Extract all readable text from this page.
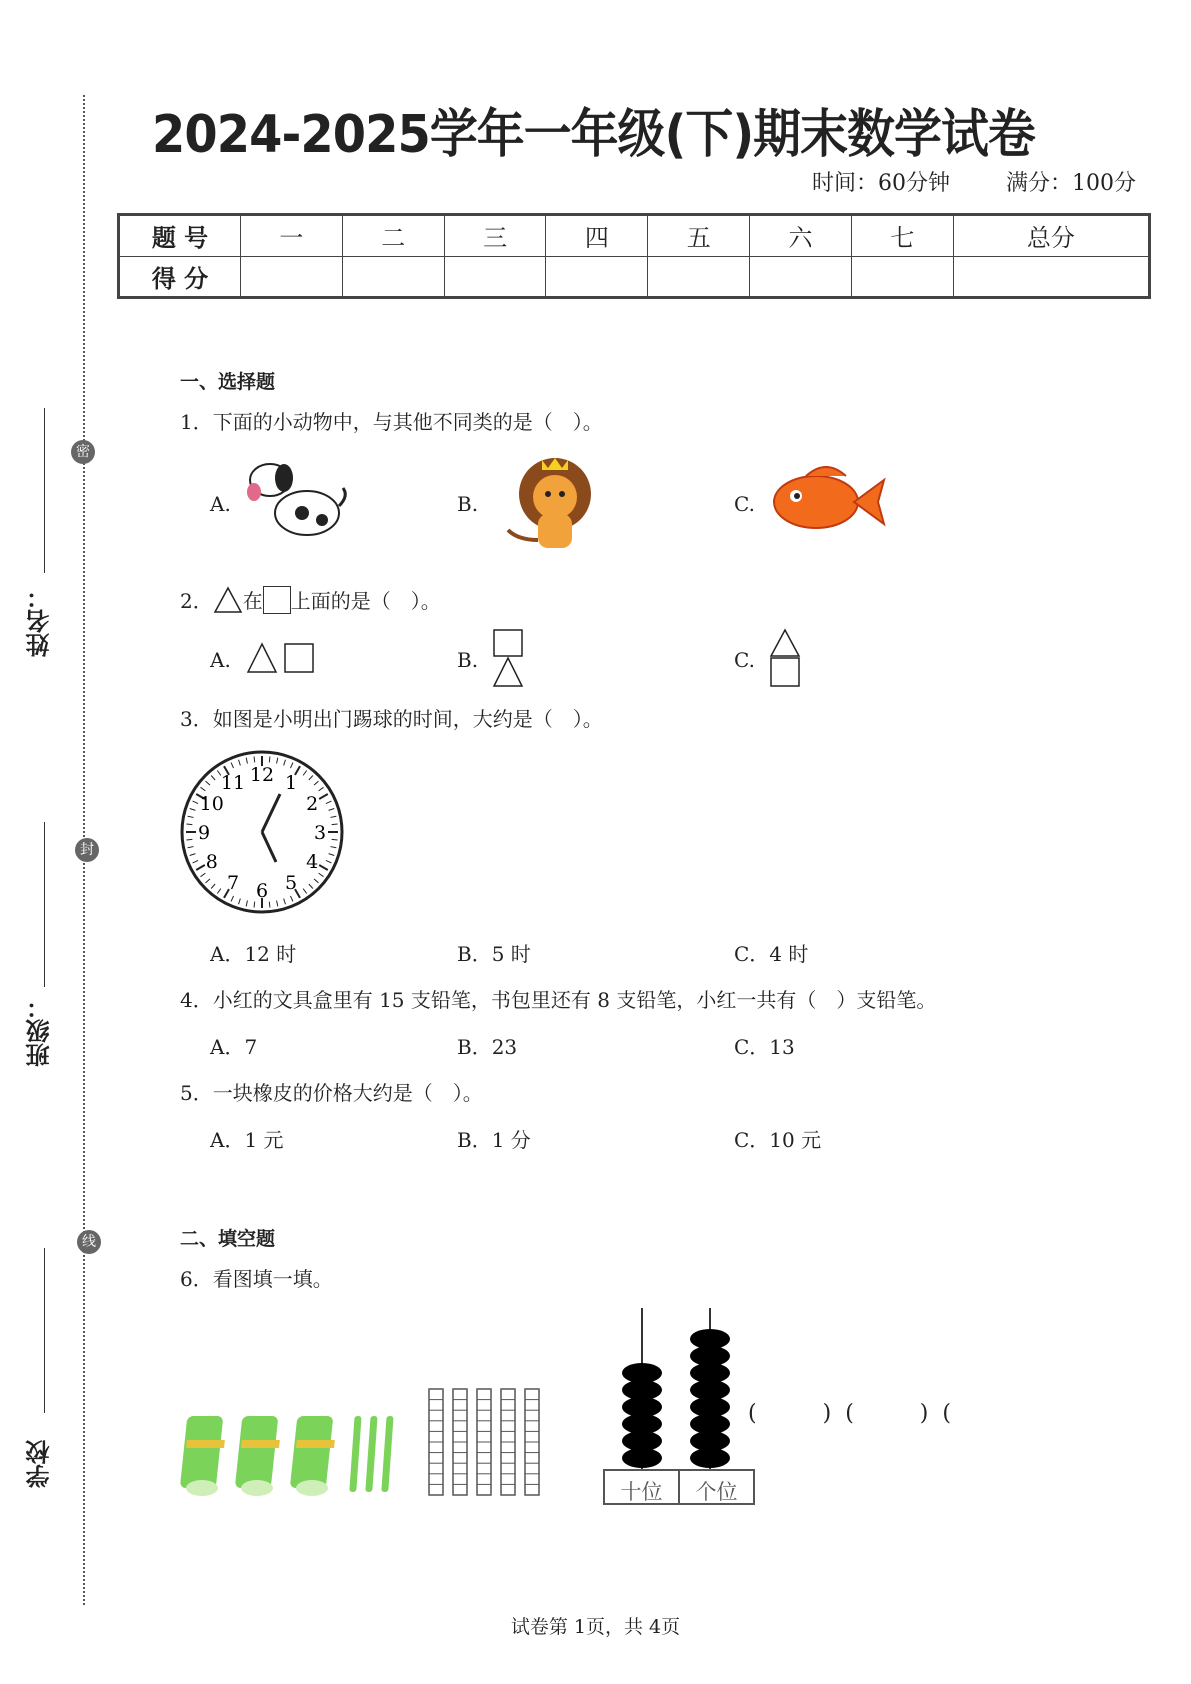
密
封
线
姓名：
班级：
学校
2024-2025学年一年级(下)期末数学试卷
时间：60分钟	满分：100分
题 号	一	二	三	四	五	六	七	总分
得 分								
一、选择题
1．下面的小动物中，与其他不同类的是（　）。
A.	B.	C.
2． 在 上面的是（　）。
A.	B.	C.
3．如图是小明出门踢球的时间，大约是（　）。
12 1
2
3
4
5
6
7
8
9
10
11
A．12 时	B．5 时	C．4 时
4．小红的文具盒里有 15 支铅笔，书包里还有 8 支铅笔，小红一共有（　）支铅笔。
A．7	B．23	C．13
5．一块橡皮的价格大约是（　）。
A．1 元	B．1 分	C．10 元
二、填空题
6．看图填一填。
十位	个位
(　　　) (　　　) (
试卷第 1页，共 4页
